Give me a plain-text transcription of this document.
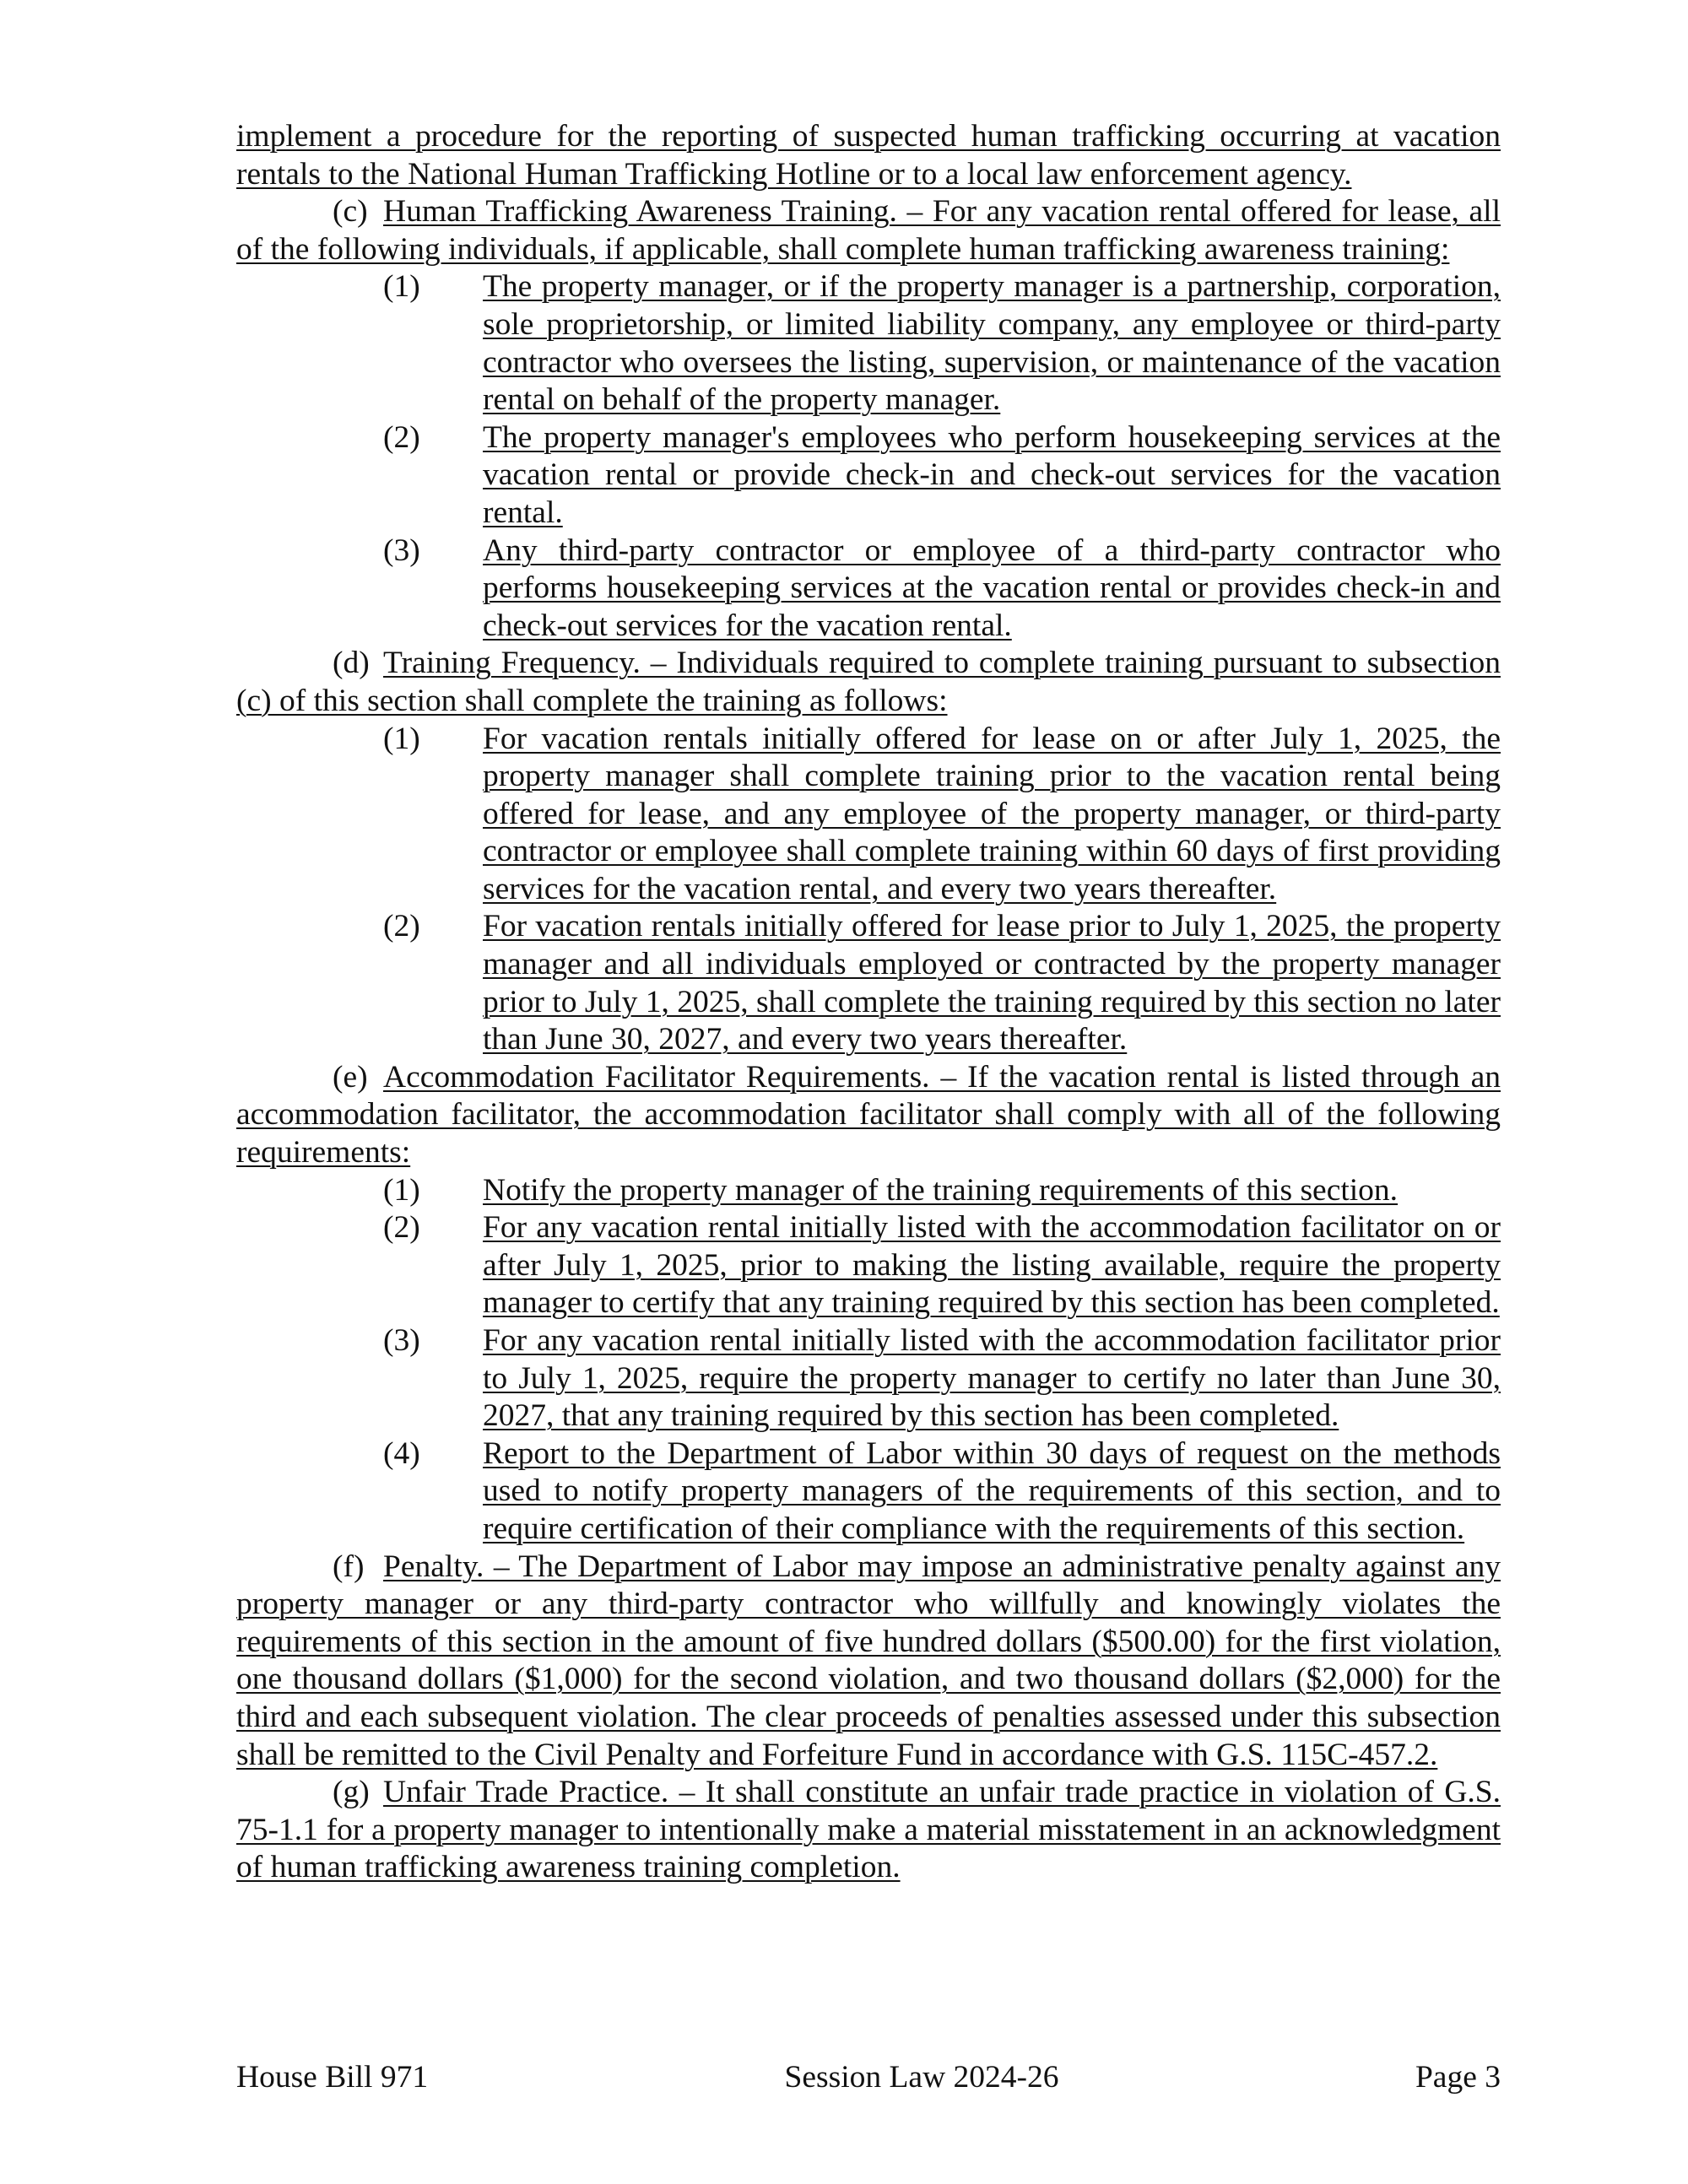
implement a procedure for the reporting of suspected human trafficking occurring at vacation rentals to the National Human Trafficking Hotline or to a local law enforcement agency.

(c) Human Trafficking Awareness Training. – For any vacation rental offered for lease, all of the following individuals, if applicable, shall complete human trafficking awareness training:

(1) The property manager, or if the property manager is a partnership, corporation, sole proprietorship, or limited liability company, any employee or third-party contractor who oversees the listing, supervision, or maintenance of the vacation rental on behalf of the property manager.
(2) The property manager's employees who perform housekeeping services at the vacation rental or provide check-in and check-out services for the vacation rental.
(3) Any third-party contractor or employee of a third-party contractor who performs housekeeping services at the vacation rental or provides check-in and check-out services for the vacation rental.

(d) Training Frequency. – Individuals required to complete training pursuant to subsection (c) of this section shall complete the training as follows:

(1) For vacation rentals initially offered for lease on or after July 1, 2025, the property manager shall complete training prior to the vacation rental being offered for lease, and any employee of the property manager, or third-party contractor or employee shall complete training within 60 days of first providing services for the vacation rental, and every two years thereafter.
(2) For vacation rentals initially offered for lease prior to July 1, 2025, the property manager and all individuals employed or contracted by the property manager prior to July 1, 2025, shall complete the training required by this section no later than June 30, 2027, and every two years thereafter.

(e) Accommodation Facilitator Requirements. – If the vacation rental is listed through an accommodation facilitator, the accommodation facilitator shall comply with all of the following requirements:

(1) Notify the property manager of the training requirements of this section.
(2) For any vacation rental initially listed with the accommodation facilitator on or after July 1, 2025, prior to making the listing available, require the property manager to certify that any training required by this section has been completed.
(3) For any vacation rental initially listed with the accommodation facilitator prior to July 1, 2025, require the property manager to certify no later than June 30, 2027, that any training required by this section has been completed.
(4) Report to the Department of Labor within 30 days of request on the methods used to notify property managers of the requirements of this section, and to require certification of their compliance with the requirements of this section.

(f) Penalty. – The Department of Labor may impose an administrative penalty against any property manager or any third-party contractor who willfully and knowingly violates the requirements of this section in the amount of five hundred dollars ($500.00) for the first violation, one thousand dollars ($1,000) for the second violation, and two thousand dollars ($2,000) for the third and each subsequent violation. The clear proceeds of penalties assessed under this subsection shall be remitted to the Civil Penalty and Forfeiture Fund in accordance with G.S. 115C-457.2.

(g) Unfair Trade Practice. – It shall constitute an unfair trade practice in violation of G.S. 75-1.1 for a property manager to intentionally make a material misstatement in an acknowledgment of human trafficking awareness training completion.

House Bill 971	Session Law 2024-26	Page 3
